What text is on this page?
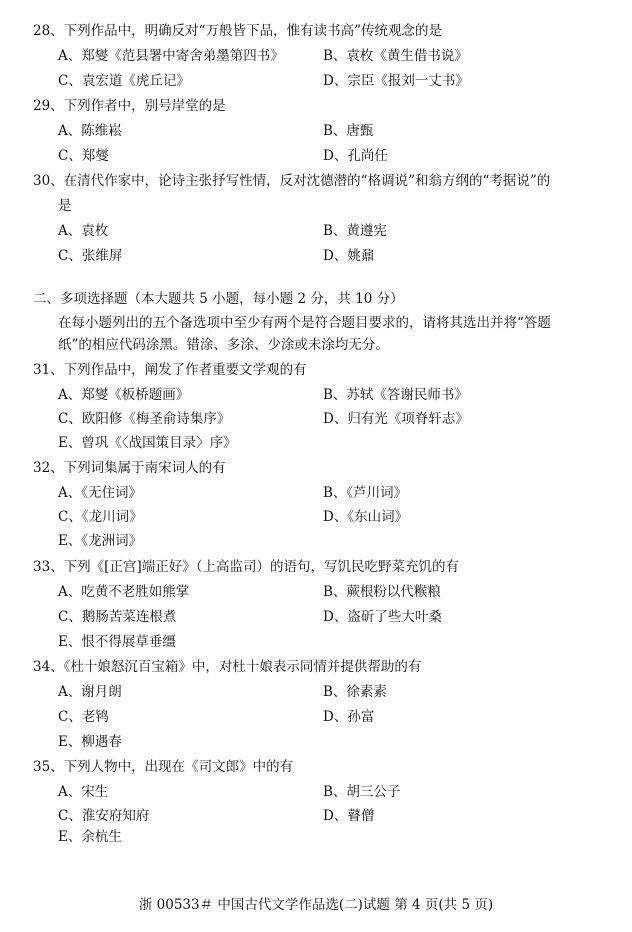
28、下列作品中，明确反对“万般皆下品，惟有读书高”传统观念的是
A、郑燮《范县署中寄舍弟墨第四书》	B、袁枚《黄生借书说》
C、袁宏道《虎丘记》	D、宗臣《报刘一丈书》
29、下列作者中，别号岸堂的是
A、陈维崧	B、唐甄
C、郑燮	D、孔尚任
30、在清代作家中，论诗主张抒写性情，反对沈德潜的“格调说”和翁方纲的“考据说”的
是
A、袁枚	B、黄遵宪
C、张维屏	D、姚鼐
二、多项选择题（本大题共 5 小题，每小题 2 分，共 10 分）
在每小题列出的五个备选项中至少有两个是符合题目要求的，请将其选出并将“答题
纸”的相应代码涂黑。错涂、多涂、少涂或未涂均无分。
31、下列作品中，阐发了作者重要文学观的有
A、郑燮《板桥题画》	B、苏轼《答谢民师书》
C、欧阳修《梅圣俞诗集序》	D、归有光《项脊轩志》
E、曾巩《〈战国策目录〉序》
32、下列词集属于南宋词人的有
A、《无住词》	B、《芦川词》
C、《龙川词》	D、《东山词》
E、《龙洲词》
33、下列《[正宫]端正好》（上高监司）的语句，写饥民吃野菜充饥的有
A、吃黄不老胜如熊掌	B、蕨根粉以代糇粮
C、鹅肠苦菜连根煮	D、盗斫了些大叶桑
E、恨不得展草垂缰
34、《杜十娘怒沉百宝箱》中，对杜十娘表示同情并提供帮助的有
A、谢月朗	B、徐素素
C、老鸨	D、孙富
E、柳遇春
35、下列人物中，出现在《司文郎》中的有
A、宋生	B、胡三公子
C、淮安府知府	D、瞽僧
E、余杭生
浙 00533＃ 中国古代文学作品选(二)试题 第 4 页(共 5 页)
